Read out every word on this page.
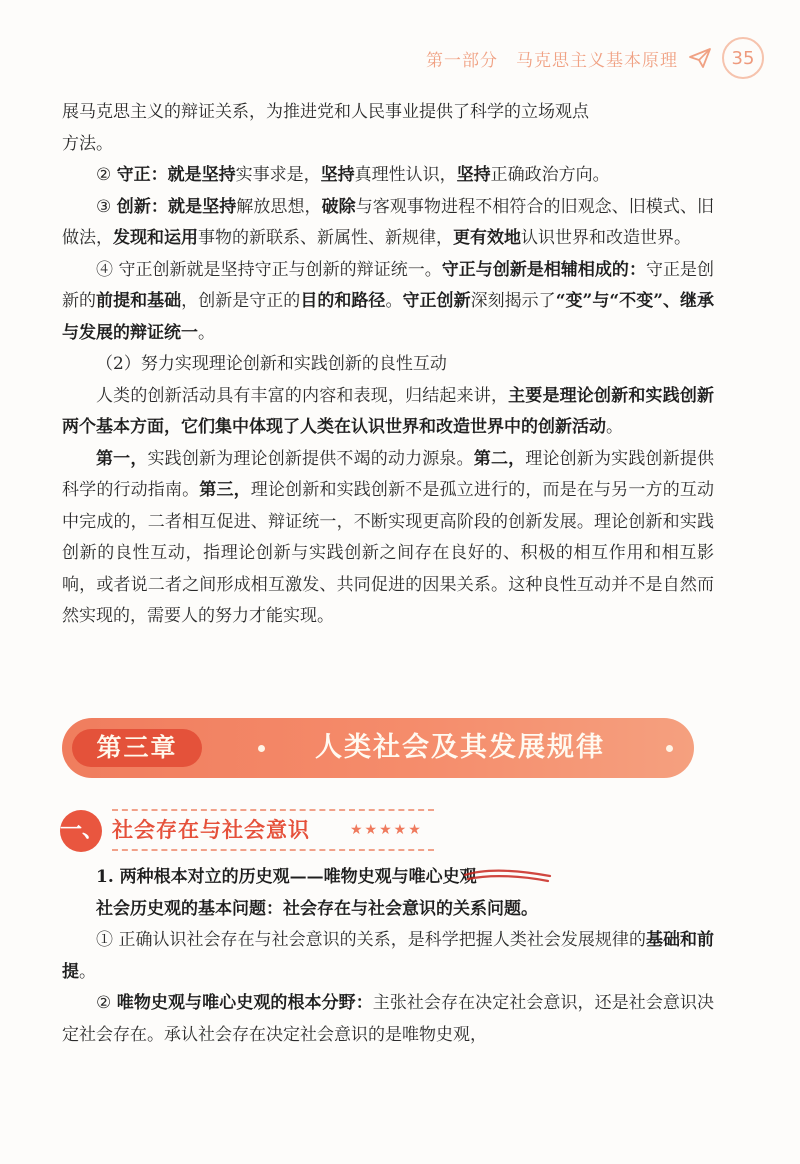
第一部分 马克思主义基本原理	35

展马克思主义的辩证关系，为推进党和人民事业提供了科学的立场观点
方法。

② 守正：就是坚持实事求是，坚持真理性认识，坚持正确政治方向。

③ 创新：就是坚持解放思想，破除与客观事物进程不相符合的旧观念、旧模式、旧做法，发现和运用事物的新联系、新属性、新规律，更有效地认识世界和改造世界。

④ 守正创新就是坚持守正与创新的辩证统一。守正与创新是相辅相成的：守正是创新的前提和基础，创新是守正的目的和路径。守正创新深刻揭示了“变”与“不变”、继承与发展的辩证统一。

（2）努力实现理论创新和实践创新的良性互动

人类的创新活动具有丰富的内容和表现，归结起来讲，主要是理论创新和实践创新两个基本方面，它们集中体现了人类在认识世界和改造世界中的创新活动。

第一，实践创新为理论创新提供不竭的动力源泉。第二，理论创新为实践创新提供科学的行动指南。第三，理论创新和实践创新不是孤立进行的，而是在与另一方的互动中完成的，二者相互促进、辩证统一，不断实现更高阶段的创新发展。理论创新和实践创新的良性互动，指理论创新与实践创新之间存在良好的、积极的相互作用和相互影响，或者说二者之间形成相互激发、共同促进的因果关系。这种良性互动并不是自然而然实现的，需要人的努力才能实现。

第三章	人类社会及其发展规律
一、 社会存在与社会意识	★★★★★

1. 两种根本对立的历史观——唯物史观与唯心史观

社会历史观的基本问题：社会存在与社会意识的关系问题。

① 正确认识社会存在与社会意识的关系，是科学把握人类社会发展规律的基础和前提。

② 唯物史观与唯心史观的根本分野：主张社会存在决定社会意识，还是社会意识决定社会存在。承认社会存在决定社会意识的是唯物史观，
